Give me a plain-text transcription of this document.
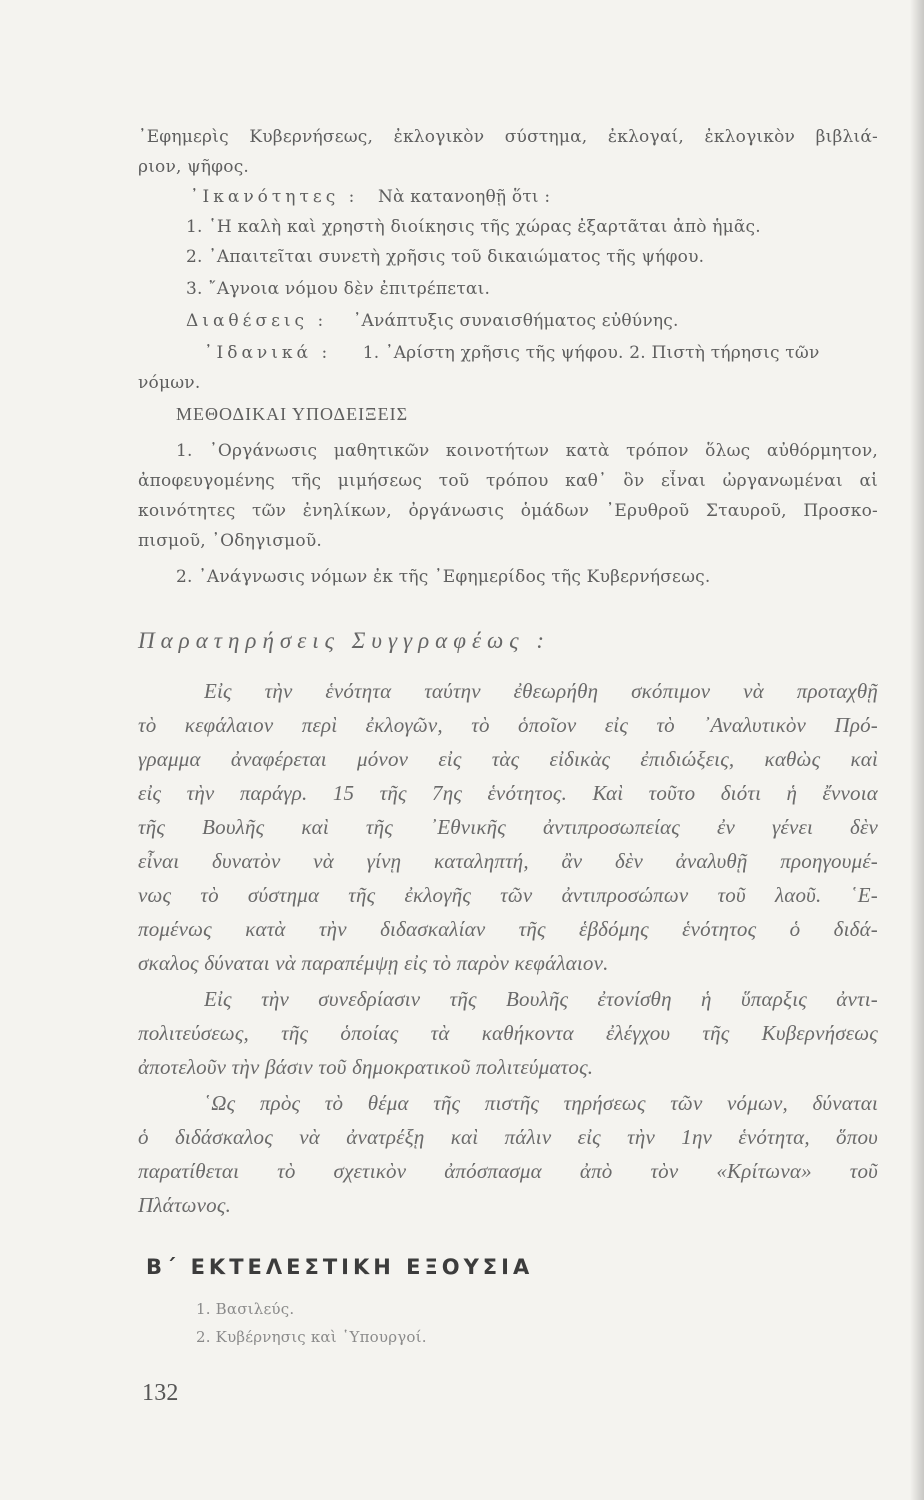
᾿Εφημερὶς Κυβερνήσεως, ἐκλογικὸν σύστημα, ἐκλογαί, ἐκλογικὸν βιβλιά-
ριον, ψῆφος.
᾿Ικανότητες : Νὰ κατανοηθῇ ὅτι :
1. ῾Η καλὴ καὶ χρηστὴ διοίκησις τῆς χώρας ἐξαρτᾶται ἀπὸ ἡμᾶς.
2. ᾿Απαιτεῖται συνετὴ χρῆσις τοῦ δικαιώματος τῆς ψήφου.
3. ῎Αγνοια νόμου δὲν ἐπιτρέπεται.
Διαθέσεις : ᾿Ανάπτυξις συναισθήματος εὐθύνης.
᾿Ιδανικά : 1. ᾿Αρίστη χρῆσις τῆς ψήφου. 2. Πιστὴ τήρησις τῶν
νόμων.
ΜΕΘΟΔΙΚΑΙ ΥΠΟΔΕΙΞΕΙΣ
1. ᾿Οργάνωσις μαθητικῶν κοινοτήτων κατὰ τρόπον ὅλως αὐθόρμητον,
ἀποφευγομένης τῆς μιμήσεως τοῦ τρόπου καθ᾿ ὃν εἶναι ὠργανωμέναι αἱ
κοινότητες τῶν ἐνηλίκων, ὀργάνωσις ὁμάδων ᾿Ερυθροῦ Σταυροῦ, Προσκο-
πισμοῦ, ᾿Οδηγισμοῦ.
2. ᾿Ανάγνωσις νόμων ἐκ τῆς ᾿Εφημερίδος τῆς Κυβερνήσεως.
Παρατηρήσεις Συγγραφέως :
Εἰς τὴν ἑνότητα ταύτην ἐθεωρήθη σκόπιμον νὰ προταχθῇ
τὸ κεφάλαιον περὶ ἐκλογῶν, τὸ ὁποῖον εἰς τὸ ᾿Αναλυτικὸν Πρό-
γραμμα ἀναφέρεται μόνον εἰς τὰς εἰδικὰς ἐπιδιώξεις, καθὼς καὶ
εἰς τὴν παράγρ. 15 τῆς 7ης ἑνότητος. Καὶ τοῦτο διότι ἡ ἔννοια
τῆς Βουλῆς καὶ τῆς ᾿Εθνικῆς ἀντιπροσωπείας ἐν γένει δὲν
εἶναι δυνατὸν νὰ γίνῃ καταληπτή, ἂν δὲν ἀναλυθῇ προηγουμέ-
νως τὸ σύστημα τῆς ἐκλογῆς τῶν ἀντιπροσώπων τοῦ λαοῦ. ῾Ε-
πομένως κατὰ τὴν διδασκαλίαν τῆς ἑβδόμης ἑνότητος ὁ διδά-
σκαλος δύναται νὰ παραπέμψῃ εἰς τὸ παρὸν κεφάλαιον.
Εἰς τὴν συνεδρίασιν τῆς Βουλῆς ἐτονίσθη ἡ ὕπαρξις ἀντι-
πολιτεύσεως, τῆς ὁποίας τὰ καθήκοντα ἐλέγχου τῆς Κυβερνήσεως
ἀποτελοῦν τὴν βάσιν τοῦ δημοκρατικοῦ πολιτεύματος.
῾Ως πρὸς τὸ θέμα τῆς πιστῆς τηρήσεως τῶν νόμων, δύναται
ὁ διδάσκαλος νὰ ἀνατρέξῃ καὶ πάλιν εἰς τὴν 1ην ἑνότητα, ὅπου
παρατίθεται τὸ σχετικὸν ἀπόσπασμα ἀπὸ τὸν «Κρίτωνα» τοῦ
Πλάτωνος.
Β΄ ΕΚΤΕΛΕΣΤΙΚΗ ΕΞΟΥΣΙΑ
1. Βασιλεύς.
2. Κυβέρνησις καὶ ῾Υπουργοί.
132
